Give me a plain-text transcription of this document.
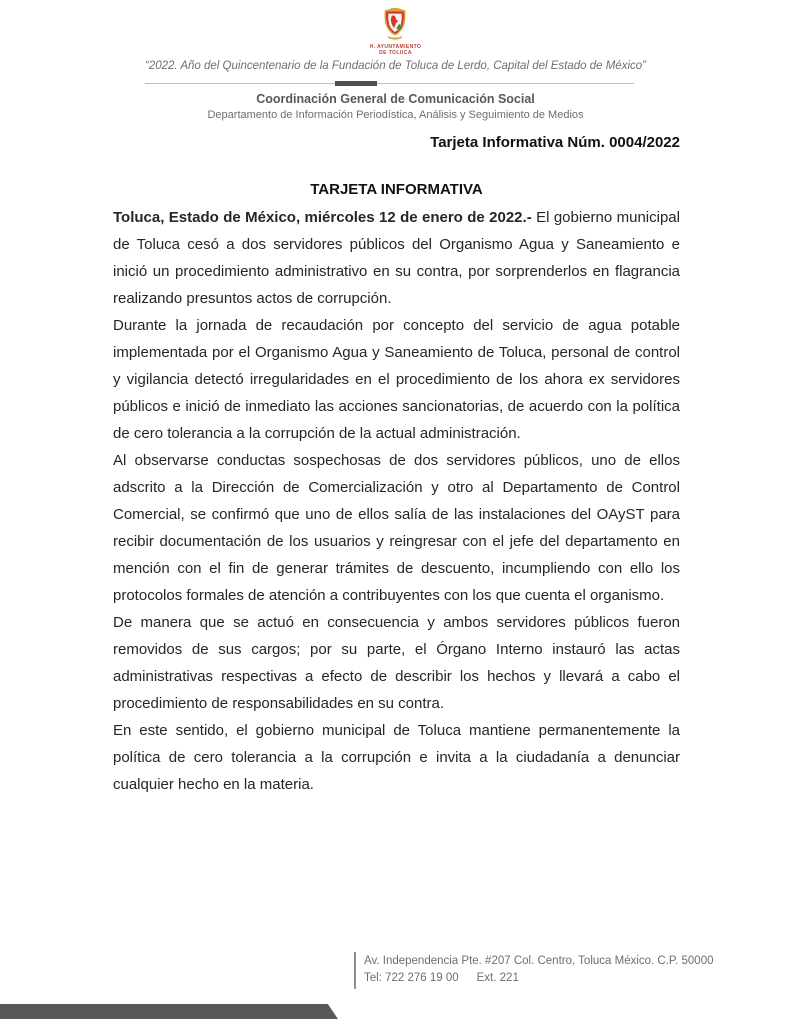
H. AYUNTAMIENTO
DE TOLUCA
“2022. Año del Quincentenario de la Fundación de Toluca de Lerdo, Capital del Estado de México”
Coordinación General de Comunicación Social
Departamento de Información Periodística, Análisis y Seguimiento de Medios
Tarjeta Informativa Núm. 0004/2022
TARJETA INFORMATIVA

Toluca, Estado de México, miércoles 12 de enero de 2022.- El gobierno municipal de Toluca cesó a dos servidores públicos del Organismo Agua y Saneamiento e inició un procedimiento administrativo en su contra, por sorprenderlos en flagrancia realizando presuntos actos de corrupción.

Durante la jornada de recaudación por concepto del servicio de agua potable implementada por el Organismo Agua y Saneamiento de Toluca, personal de control y vigilancia detectó irregularidades en el procedimiento de los ahora ex servidores públicos e inició de inmediato las acciones sancionatorias, de acuerdo con la política de cero tolerancia a la corrupción de la actual administración.

Al observarse conductas sospechosas de dos servidores públicos, uno de ellos adscrito a la Dirección de Comercialización y otro al Departamento de Control Comercial, se confirmó que uno de ellos salía de las instalaciones del OAyST para recibir documentación de los usuarios y reingresar con el jefe del departamento en mención con el fin de generar trámites de descuento, incumpliendo con ello los protocolos formales de atención a contribuyentes con los que cuenta el organismo.

De manera que se actuó en consecuencia y ambos servidores públicos fueron removidos de sus cargos; por su parte, el Órgano Interno instauró las actas administrativas respectivas a efecto de describir los hechos y llevará a cabo el procedimiento de responsabilidades en su contra.

En este sentido, el gobierno municipal de Toluca mantiene permanentemente la política de cero tolerancia a la corrupción e invita a la ciudadanía a denunciar cualquier hecho en la materia.

Av. Independencia Pte. #207 Col. Centro, Toluca México. C.P. 50000
Tel: 722 276 19 00 Ext. 221
